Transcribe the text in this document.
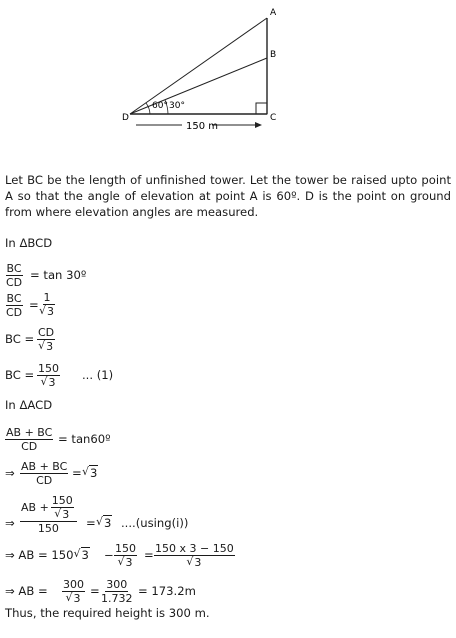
A
B
C
D
60° 30°
150 m
Let BC be the length of unfinished tower. Let the tower be raised upto point A so that the angle of elevation at point A is 60º. D is the point on ground from where elevation angles are measured.
In ΔBCD
$\frac{BC}{CD} = \tan$ 30º
$\frac{BC}{CD} = 1$
√ 3
BC = CD
√ 3
BC = 150
√ 3 ... (1)
In ΔACD
$\frac{AB + BC}{CD}$ = tan60º
⇒ $\frac{AB + BC}{CD}$ = √ 3
⇒ AB + 150
√ 3
150 = √ 3 ....(using(i))
⇒ AB = 150 √ 3 − 150
√ 3 = 150 x 3 − 150
√ 3
⇒ AB = 300
√ $3 = \frac{300}{1.732} = 173.2m$
Thus, the required height is 300 m.
